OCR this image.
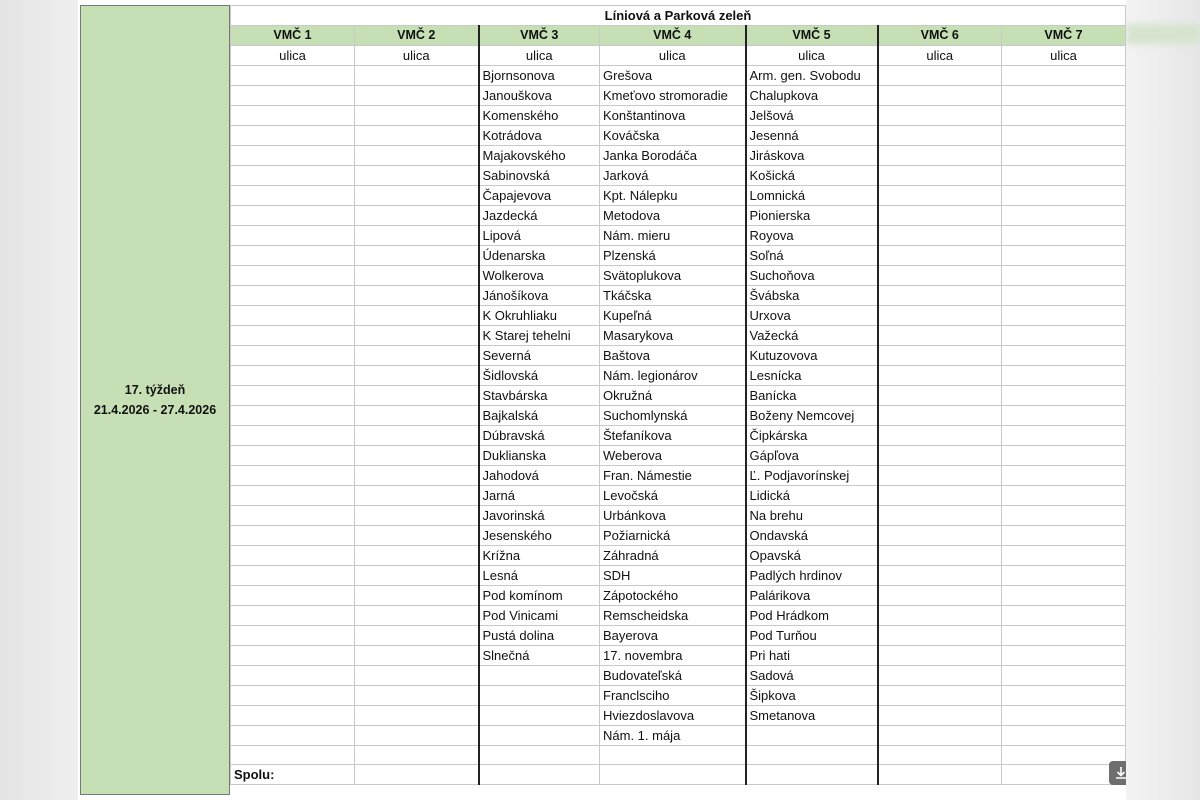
17. týždeň
21.4.2026 - 27.4.2026
Líniová a Parková zeleň						
VMČ 1	VMČ 2	VMČ 3	VMČ 4	VMČ 5	VMČ 6	VMČ 7
ulica	ulica	ulica	ulica	ulica	ulica	ulica
		Bjornsonova	Grešova	Arm. gen. Svobodu		
		Janouškova	Kmeťovo stromoradie	Chalupkova		
		Komenského	Konštantinova	Jelšová		
		Kotrádova	Kováčska	Jesenná		
		Majakovského	Janka Borodáča	Jiráskova		
		Sabinovská	Jarková	Košická		
		Čapajevova	Kpt. Nálepku	Lomnická		
		Jazdecká	Metodova	Pionierska		
		Lipová	Nám. mieru	Royova		
		Údenarska	Plzenská	Soľná		
		Wolkerova	Svätoplukova	Suchoňova		
		Jánošíkova	Tkáčska	Švábska		
		K Okruhliaku	Kupeľná	Urxova		
		K Starej tehelni	Masarykova	Važecká		
		Severná	Baštova	Kutuzovova		
		Šidlovská	Nám. legionárov	Lesnícka		
		Stavbárska	Okružná	Banícka		
		Bajkalská	Suchomlynská	Boženy Nemcovej		
		Dúbravská	Štefaníkova	Čipkárska		
		Duklianska	Weberova	Gápľova		
		Jahodová	Fran. Námestie	Ľ. Podjavorínskej		
		Jarná	Levočská	Lidická		
		Javorinská	Urbánkova	Na brehu		
		Jesenského	Požiarnická	Ondavská		
		Krížna	Záhradná	Opavská		
		Lesná	SDH	Padlých hrdinov		
		Pod komínom	Zápotockého	Palárikova		
		Pod Vinicami	Remscheidska	Pod Hrádkom		
		Pustá dolina	Bayerova	Pod Turňou		
		Slnečná	17. novembra	Pri hati		
			Budovateľská	Sadová		
			Franclsciho	Šipkova		
			Hviezdoslavova	Smetanova		
			Nám. 1. mája			

Spolu:						
